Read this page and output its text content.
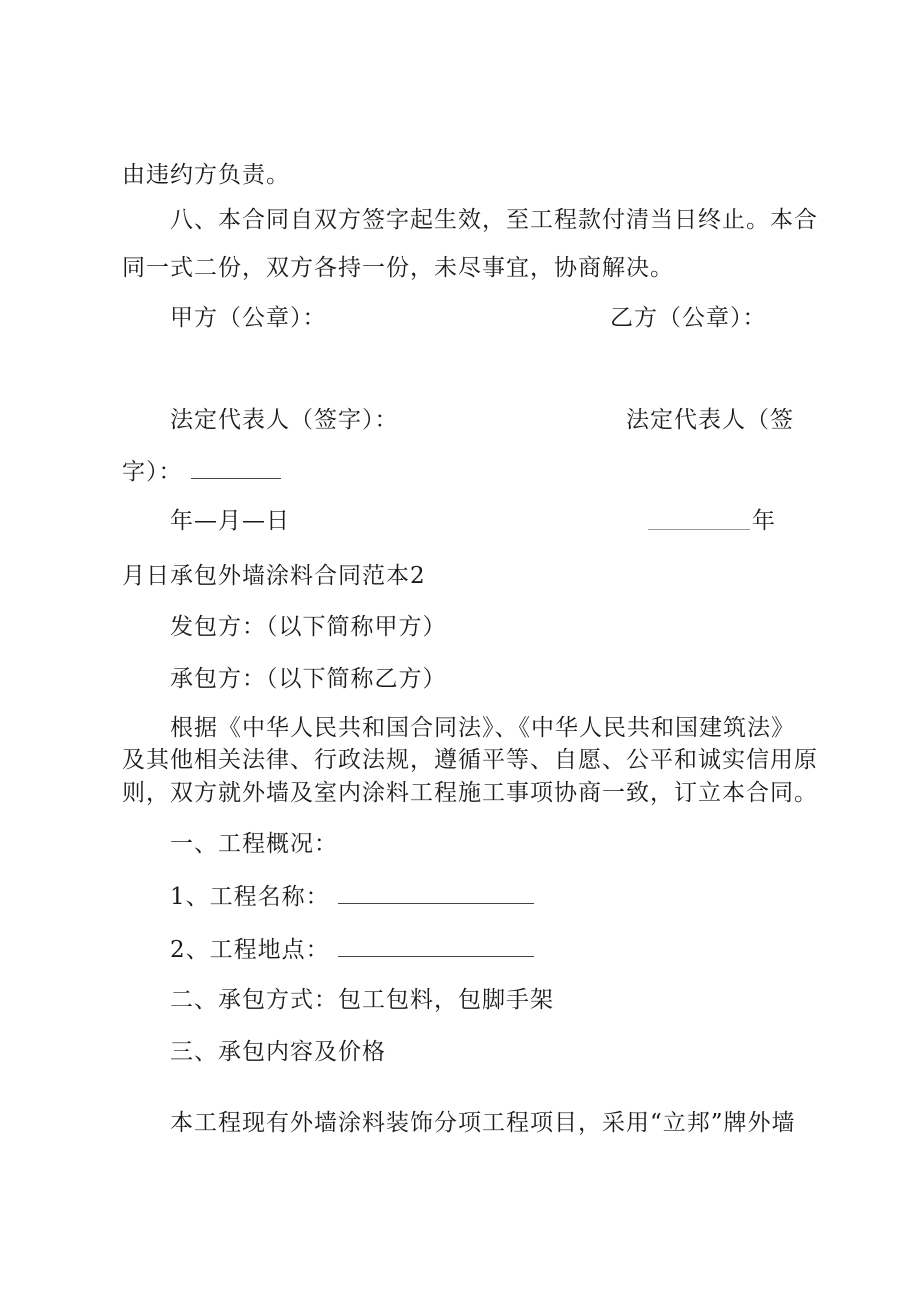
由违约方负责。
八、本合同自双方签字起生效，至工程款付清当日终止。本合
同一式二份，双方各持一份，未尽事宜，协商解决。
甲方（公章）：	乙方（公章）：
法定代表人（签字）：	法定代表人（签
字）：
年—月—日	年
月日承包外墙涂料合同范本2
发包方：（以下简称甲方）
承包方：（以下简称乙方）
根据《中华人民共和国合同法》、《中华人民共和国建筑法》
及其他相关法律、行政法规，遵循平等、自愿、公平和诚实信用原
则，双方就外墙及室内涂料工程施工事项协商一致，订立本合同。
一、工程概况：
1、工程名称：
2、工程地点：
二、承包方式：包工包料，包脚手架
三、承包内容及价格
本工程现有外墙涂料装饰分项工程项目，采用“立邦”牌外墙
